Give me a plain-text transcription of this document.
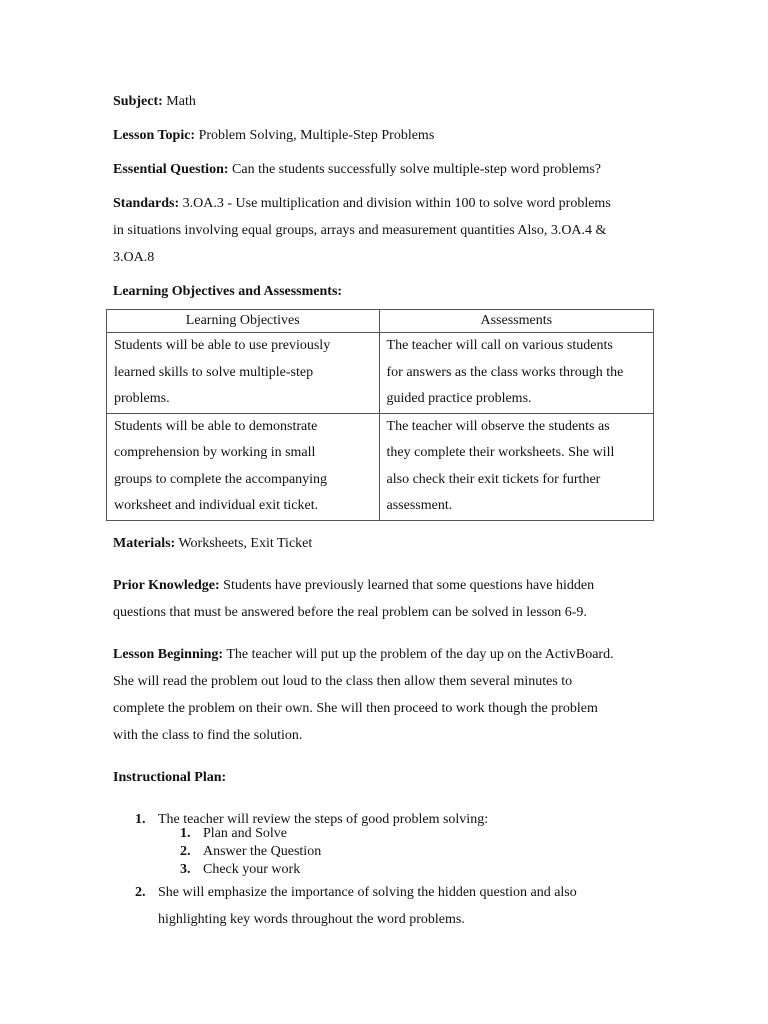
Subject: Math

Lesson Topic: Problem Solving, Multiple-Step Problems

Essential Question: Can the students successfully solve multiple-step word problems?

Standards: 3.OA.3 - Use multiplication and division within 100 to solve word problems
in situations involving equal groups, arrays and measurement quantities Also, 3.OA.4 &
3.OA.8

Learning Objectives and Assessments:

Learning Objectives	Assessments
Students will be able to use previously
learned skills to solve multiple-step
problems.	The teacher will call on various students
for answers as the class works through the
guided practice problems.
Students will be able to demonstrate
comprehension by working in small
groups to complete the accompanying
worksheet and individual exit ticket.	The teacher will observe the students as
they complete their worksheets. She will
also check their exit tickets for further
assessment.

Materials: Worksheets, Exit Ticket

Prior Knowledge: Students have previously learned that some questions have hidden
questions that must be answered before the real problem can be solved in lesson 6-9.

Lesson Beginning: The teacher will put up the problem of the day up on the ActivBoard.
She will read the problem out loud to the class then allow them several minutes to
complete the problem on their own. She will then proceed to work though the problem
with the class to find the solution.

Instructional Plan:

1. The teacher will review the steps of good problem solving:
1. Plan and Solve
2. Answer the Question
3. Check your work
2. She will emphasize the importance of solving the hidden question and also
highlighting key words throughout the word problems.
